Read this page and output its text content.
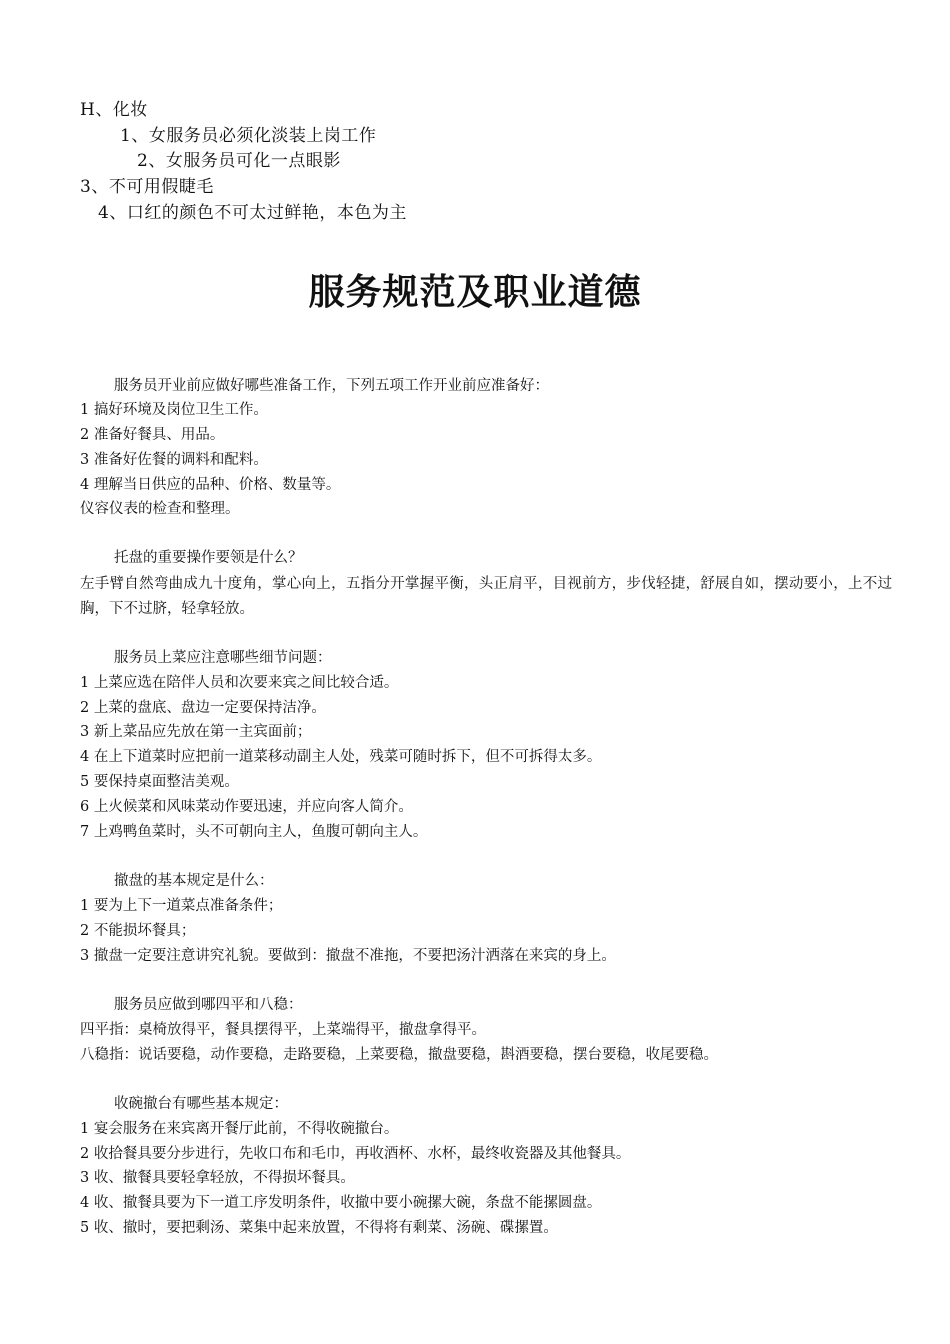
H、化妆
1、女服务员必须化淡装上岗工作
2、女服务员可化一点眼影
3、不可用假睫毛
4、口红的颜色不可太过鲜艳，本色为主
服务规范及职业道德
服务员开业前应做好哪些准备工作，下列五项工作开业前应准备好：
1 搞好环境及岗位卫生工作。
2 准备好餐具、用品。
3 准备好佐餐的调料和配料。
4 理解当日供应的品种、价格、数量等。
仪容仪表的检查和整理。
托盘的重要操作要领是什么？
左手臂自然弯曲成九十度角，掌心向上，五指分开掌握平衡，头正肩平，目视前方，步伐轻捷，舒展自如，摆动要小，上不过胸，下不过脐，轻拿轻放。
服务员上菜应注意哪些细节问题：
1 上菜应选在陪伴人员和次要来宾之间比较合适。
2 上菜的盘底、盘边一定要保持洁净。
3 新上菜品应先放在第一主宾面前；
4 在上下道菜时应把前一道菜移动副主人处，残菜可随时拆下，但不可拆得太多。
5 要保持桌面整洁美观。
6 上火候菜和风味菜动作要迅速，并应向客人简介。
7 上鸡鸭鱼菜时，头不可朝向主人，鱼腹可朝向主人。
撤盘的基本规定是什么：
1 要为上下一道菜点准备条件；
2 不能损坏餐具；
3 撤盘一定要注意讲究礼貌。要做到：撤盘不准拖，不要把汤汁洒落在来宾的身上。
服务员应做到哪四平和八稳：
四平指：桌椅放得平，餐具摆得平，上菜端得平，撤盘拿得平。
八稳指：说话要稳，动作要稳，走路要稳，上菜要稳，撤盘要稳，斟酒要稳，摆台要稳，收尾要稳。
收碗撤台有哪些基本规定：
1 宴会服务在来宾离开餐厅此前，不得收碗撤台。
2 收拾餐具要分步进行，先收口布和毛巾，再收酒杯、水杯，最终收瓷器及其他餐具。
3 收、撤餐具要轻拿轻放，不得损坏餐具。
4 收、撤餐具要为下一道工序发明条件，收撤中要小碗摞大碗，条盘不能摞圆盘。
5 收、撤时，要把剩汤、菜集中起来放置，不得将有剩菜、汤碗、碟摞置。
